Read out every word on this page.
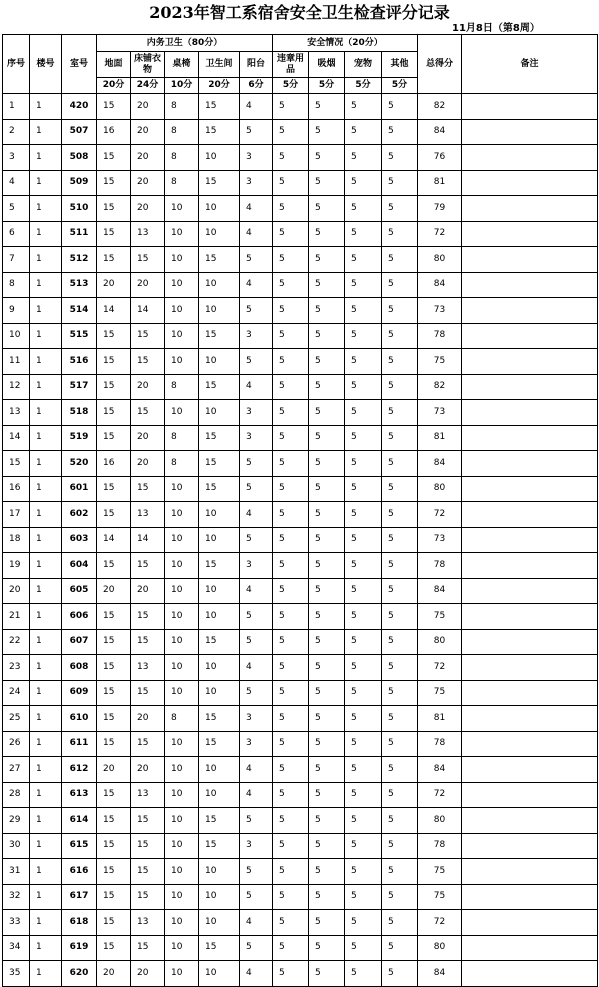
2023年智工系宿舍安全卫生检查评分记录
11月8日（第8周）
序号	楼号	室号	内务卫生（80分）					安全情况（20分）				总得分	备注
			地面	床铺衣物	桌椅	卫生间	阳台	违章用品	吸烟	宠物	其他		
			20分	24分	10分	20分	6分	5分	5分	5分	5分		
1	1	420	15	20	8	15	4	5	5	5	5	82	
2	1	507	16	20	8	15	5	5	5	5	5	84	
3	1	508	15	20	8	10	3	5	5	5	5	76	
4	1	509	15	20	8	15	3	5	5	5	5	81	
5	1	510	15	20	10	10	4	5	5	5	5	79	
6	1	511	15	13	10	10	4	5	5	5	5	72	
7	1	512	15	15	10	15	5	5	5	5	5	80	
8	1	513	20	20	10	10	4	5	5	5	5	84	
9	1	514	14	14	10	10	5	5	5	5	5	73	
10	1	515	15	15	10	15	3	5	5	5	5	78	
11	1	516	15	15	10	10	5	5	5	5	5	75	
12	1	517	15	20	8	15	4	5	5	5	5	82	
13	1	518	15	15	10	10	3	5	5	5	5	73	
14	1	519	15	20	8	15	3	5	5	5	5	81	
15	1	520	16	20	8	15	5	5	5	5	5	84	
16	1	601	15	15	10	15	5	5	5	5	5	80	
17	1	602	15	13	10	10	4	5	5	5	5	72	
18	1	603	14	14	10	10	5	5	5	5	5	73	
19	1	604	15	15	10	15	3	5	5	5	5	78	
20	1	605	20	20	10	10	4	5	5	5	5	84	
21	1	606	15	15	10	10	5	5	5	5	5	75	
22	1	607	15	15	10	15	5	5	5	5	5	80	
23	1	608	15	13	10	10	4	5	5	5	5	72	
24	1	609	15	15	10	10	5	5	5	5	5	75	
25	1	610	15	20	8	15	3	5	5	5	5	81	
26	1	611	15	15	10	15	3	5	5	5	5	78	
27	1	612	20	20	10	10	4	5	5	5	5	84	
28	1	613	15	13	10	10	4	5	5	5	5	72	
29	1	614	15	15	10	15	5	5	5	5	5	80	
30	1	615	15	15	10	15	3	5	5	5	5	78	
31	1	616	15	15	10	10	5	5	5	5	5	75	
32	1	617	15	15	10	10	5	5	5	5	5	75	
33	1	618	15	13	10	10	4	5	5	5	5	72	
34	1	619	15	15	10	15	5	5	5	5	5	80	
35	1	620	20	20	10	10	4	5	5	5	5	84	
